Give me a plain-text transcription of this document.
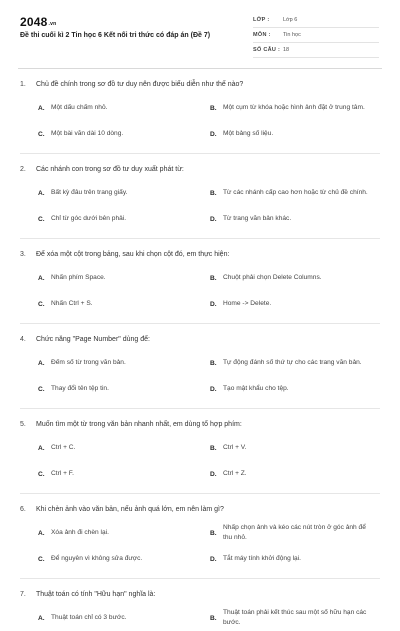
2048.vn
Đề thi cuối kì 2 Tin học 6 Kết nối tri thức có đáp án (Đề 7)
LỚP :	Lớp 6
MÔN :	Tin học
SỐ CÂU : 18
1.	Chủ đề chính trong sơ đồ tư duy nên được biểu diễn như thế nào?
A. Một dấu chấm nhỏ.	B. Một cụm từ khóa hoặc hình ảnh đặt ở trung tâm.
C. Một bài văn dài 10 dòng.	D. Một bảng số liệu.
2.	Các nhánh con trong sơ đồ tư duy xuất phát từ:
A. Bất kỳ đâu trên trang giấy.	B. Từ các nhánh cấp cao hơn hoặc từ chủ đề chính.
C. Chỉ từ góc dưới bên phải.	D. Từ trang văn bản khác.
3.	Để xóa một cột trong bảng, sau khi chọn cột đó, em thực hiện:
A. Nhấn phím Space.	B. Chuột phải chọn Delete Columns.
C. Nhấn Ctrl + S.	D. Home -> Delete.
4.	Chức năng "Page Number" dùng để:
A. Đếm số từ trong văn bản.	B. Tự động đánh số thứ tự cho các trang văn bản.
C. Thay đổi tên tệp tin.	D. Tạo mật khẩu cho tệp.
5.	Muốn tìm một từ trong văn bản nhanh nhất, em dùng tổ hợp phím:
A. Ctrl + C.	B. Ctrl + V.
C. Ctrl + F.	D. Ctrl + Z.
6.	Khi chèn ảnh vào văn bản, nếu ảnh quá lớn, em nên làm gì?
A. Xóa ảnh đi chèn lại.	B.
Nhấp chọn ảnh và kéo các nút tròn ở góc ảnh để thu nhỏ.
C. Để nguyên vì không sửa được.	D. Tắt máy tính khởi động lại.
7.	Thuật toán có tính "Hữu hạn" nghĩa là:
A. Thuật toán chỉ có 3 bước.	B.
Thuật toán phải kết thúc sau một số hữu hạn các bước.
